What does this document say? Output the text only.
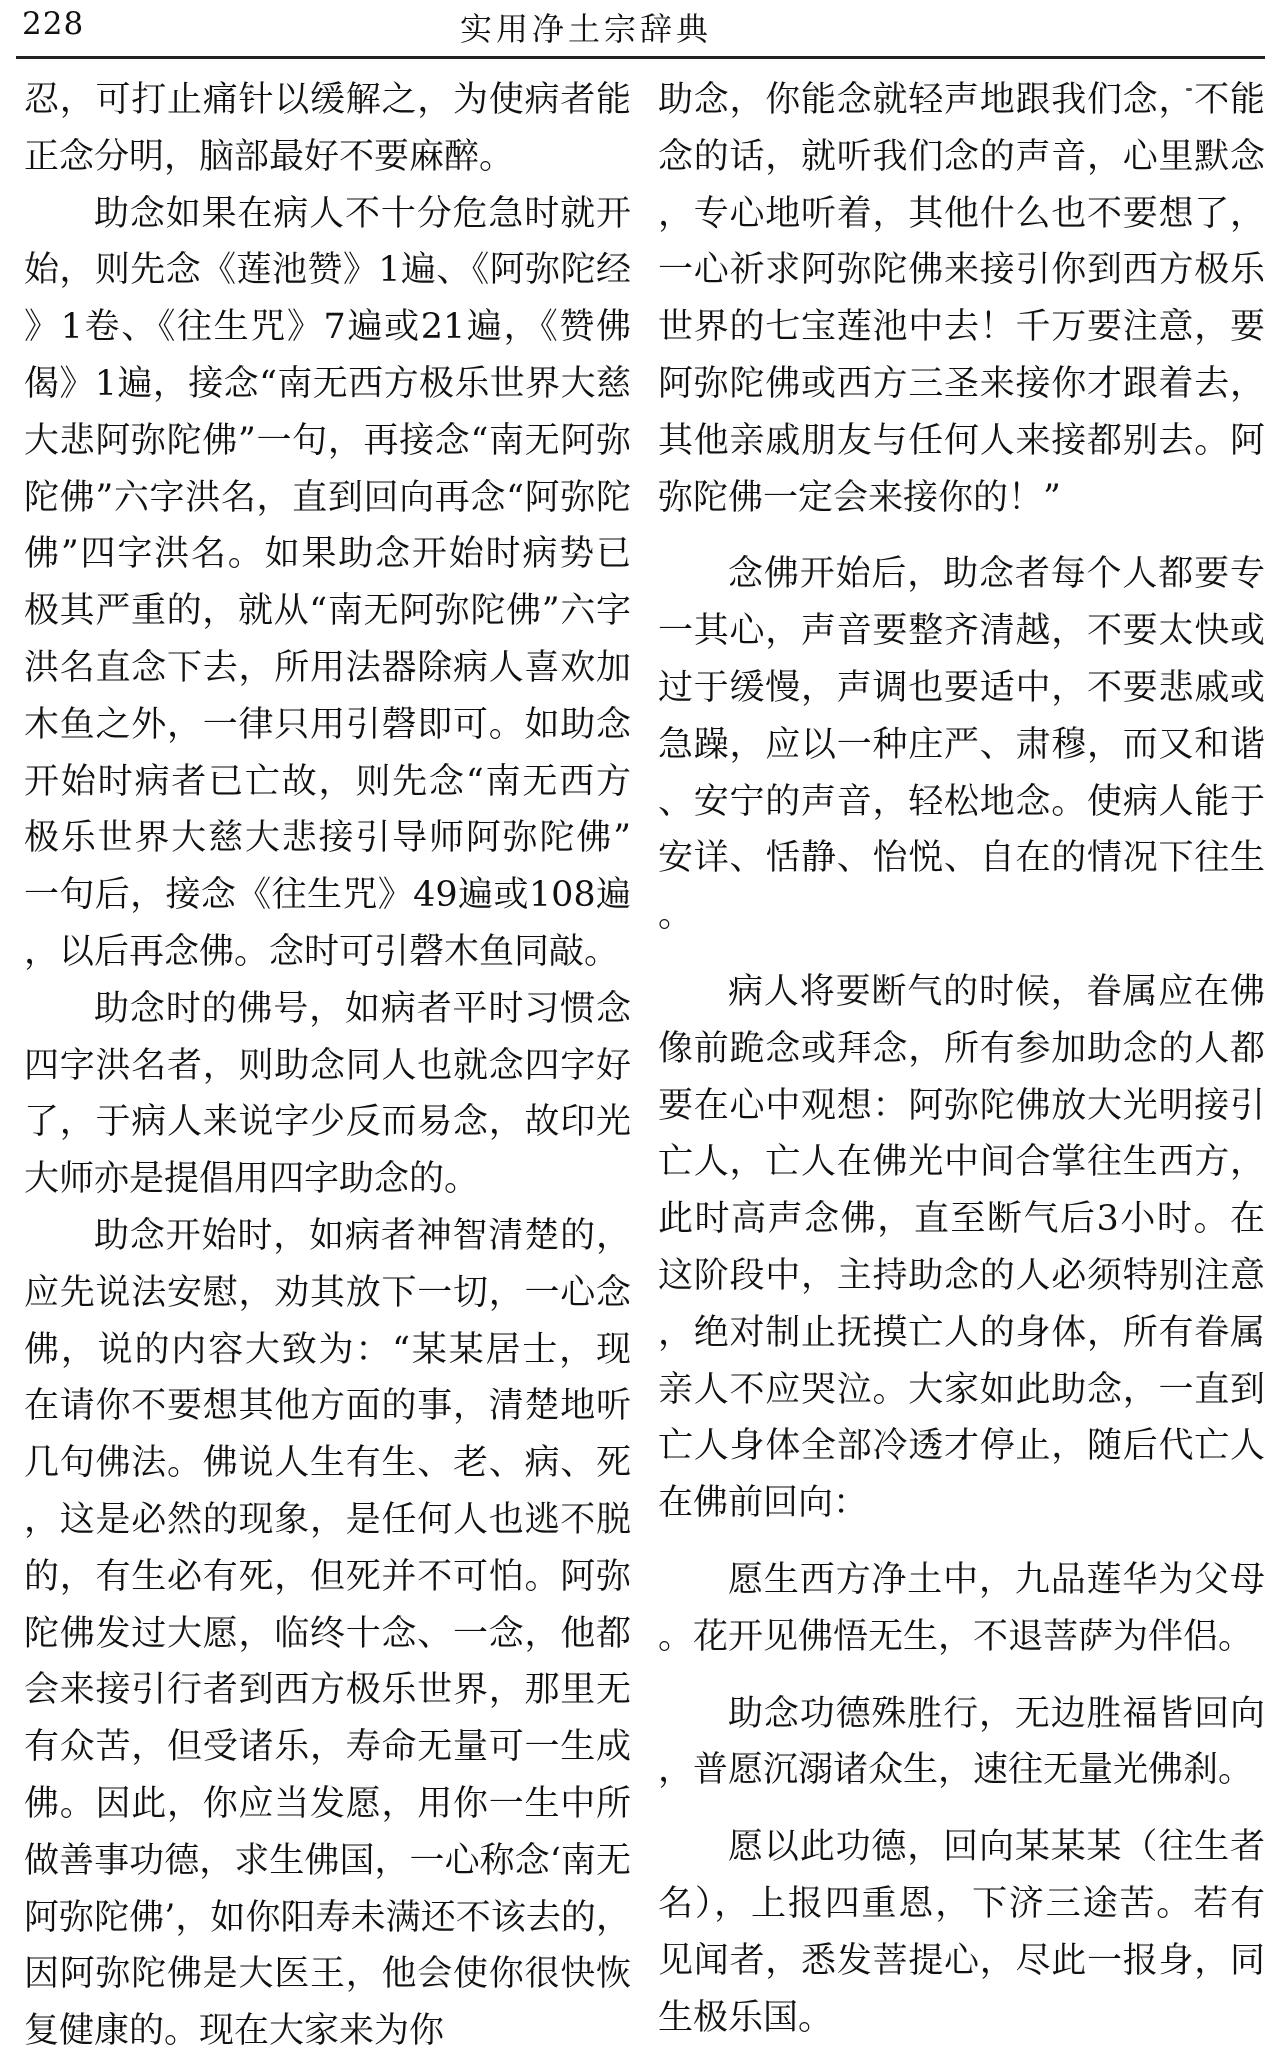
228	实用净土宗辞典

忍，可打止痛针以缓解之，为使病者能正念分明，脑部最好不要麻醉。

助念如果在病人不十分危急时就开始，则先念《莲池赞》1遍、《阿弥陀经》1卷、《往生咒》7遍或21遍，《赞佛偈》1遍，接念“南无西方极乐世界大慈大悲阿弥陀佛”一句，再接念“南无阿弥陀佛”六字洪名，直到回向再念“阿弥陀佛”四字洪名。如果助念开始时病势已极其严重的，就从“南无阿弥陀佛”六字洪名直念下去，所用法器除病人喜欢加木鱼之外，一律只用引磬即可。如助念开始时病者已亡故，则先念“南无西方极乐世界大慈大悲接引导师阿弥陀佛”一句后，接念《往生咒》49遍或108遍，以后再念佛。念时可引磬木鱼同敲。

助念时的佛号，如病者平时习惯念四字洪名者，则助念同人也就念四字好了，于病人来说字少反而易念，故印光大师亦是提倡用四字助念的。

助念开始时，如病者神智清楚的，应先说法安慰，劝其放下一切，一心念佛，说的内容大致为：“某某居士，现在请你不要想其他方面的事，清楚地听几句佛法。佛说人生有生、老、病、死，这是必然的现象，是任何人也逃不脱的，有生必有死，但死并不可怕。阿弥陀佛发过大愿，临终十念、一念，他都会来接引行者到西方极乐世界，那里无有众苦，但受诸乐，寿命无量可一生成佛。因此，你应当发愿，用你一生中所做善事功德，求生佛国，一心称念‘南无阿弥陀佛’，如你阳寿未满还不该去的，因阿弥陀佛是大医王，他会使你很快恢复健康的。现在大家来为你

助念，你能念就轻声地跟我们念，不能念的话，就听我们念的声音，心里默念，专心地听着，其他什么也不要想了，一心祈求阿弥陀佛来接引你到西方极乐世界的七宝莲池中去！千万要注意，要阿弥陀佛或西方三圣来接你才跟着去，其他亲戚朋友与任何人来接都别去。阿弥陀佛一定会来接你的！”

念佛开始后，助念者每个人都要专一其心，声音要整齐清越，不要太快或过于缓慢，声调也要适中，不要悲戚或急躁，应以一种庄严、肃穆，而又和谐、安宁的声音，轻松地念。使病人能于安详、恬静、怡悦、自在的情况下往生。

病人将要断气的时候，眷属应在佛像前跪念或拜念，所有参加助念的人都要在心中观想：阿弥陀佛放大光明接引亡人，亡人在佛光中间合掌往生西方，此时高声念佛，直至断气后3小时。在这阶段中，主持助念的人必须特别注意，绝对制止抚摸亡人的身体，所有眷属亲人不应哭泣。大家如此助念，一直到亡人身体全部冷透才停止，随后代亡人在佛前回向：

愿生西方净土中，九品莲华为父母。花开见佛悟无生，不退菩萨为伴侣。

助念功德殊胜行，无边胜福皆回向，普愿沉溺诸众生，速往无量光佛刹。

愿以此功德，回向某某某（往生者名），上报四重恩，下济三途苦。若有见闻者，悉发菩提心，尽此一报身，同生极乐国。
